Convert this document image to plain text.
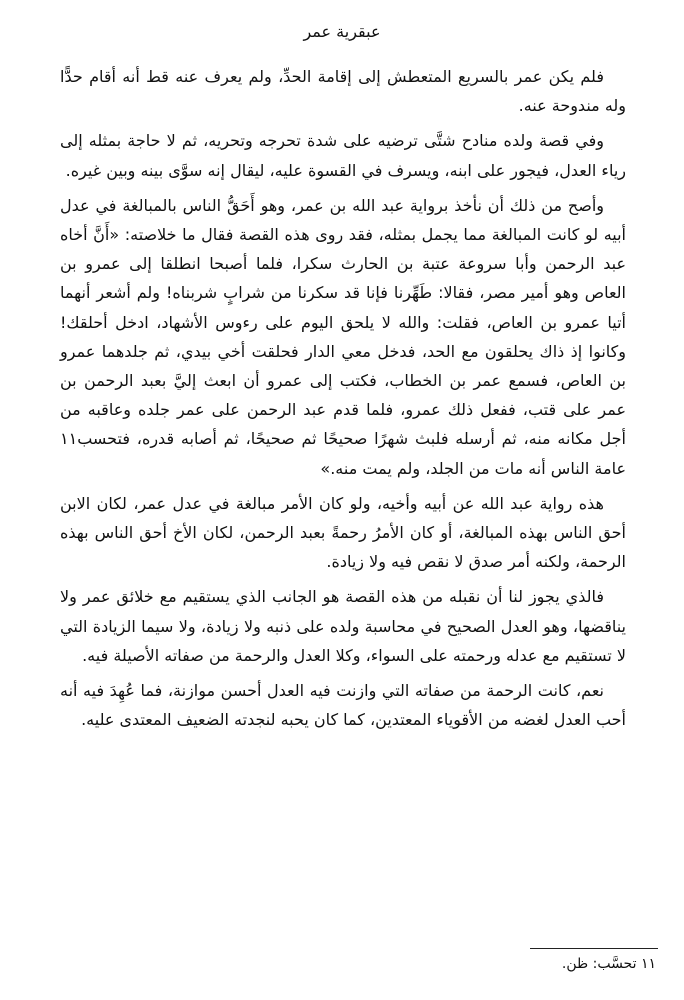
عبقرية عمر

فلم يكن عمر بالسريع المتعطش إلى إقامة الحدِّ، ولم يعرف عنه قط أنه أقام حدًّا وله مندوحة عنه.

وفي قصة ولده منادح شتَّى ترضيه على شدة تحرجه وتحريه، ثم لا حاجة بمثله إلى رياء العدل، فيجور على ابنه، ويسرف في القسوة عليه، ليقال إنه سوَّى بينه وبين غيره.

وأصح من ذلك أن نأخذ برواية عبد الله بن عمر، وهو أَحَقُّ الناس بالمبالغة في عدل أبيه لو كانت المبالغة مما يجمل بمثله، فقد روى هذه القصة فقال ما خلاصته: «أَنَّ أخاه عبد الرحمن وأبا سروعة عتبة بن الحارث سكرا، فلما أصبحا انطلقا إلى عمرو بن العاص وهو أمير مصر، فقالا: طَهِّرنا فإنا قد سكرنا من شرابٍ شربناه! ولم أشعر أنهما أتيا عمرو بن العاص، فقلت: والله لا يلحق اليوم على رءوس الأشهاد، ادخل أحلقك! وكانوا إذ ذاك يحلقون مع الحد، فدخل معي الدار فحلقت أخي بيدي، ثم جلدهما عمرو بن العاص، فسمع عمر بن الخطاب، فكتب إلى عمرو أن ابعث إليَّ بعبد الرحمن بن عمر على قتب، ففعل ذلك عمرو، فلما قدم عبد الرحمن على عمر جلده وعاقبه من أجل مكانه منه، ثم أرسله فلبث شهرًا صحيحًا ثم صحيحًا، ثم أصابه قدره، فتحسب١١ عامة الناس أنه مات من الجلد، ولم يمت منه.»

هذه رواية عبد الله عن أبيه وأخيه، ولو كان الأمر مبالغة في عدل عمر، لكان الابن أحق الناس بهذه المبالغة، أو كان الأمرُ رحمةً بعبد الرحمن، لكان الأخ أحق الناس بهذه الرحمة، ولكنه أمر صدق لا نقص فيه ولا زيادة.

فالذي يجوز لنا أن نقبله من هذه القصة هو الجانب الذي يستقيم مع خلائق عمر ولا يناقضها، وهو العدل الصحيح في محاسبة ولده على ذنبه ولا زيادة، ولا سيما الزيادة التي لا تستقيم مع عدله ورحمته على السواء، وكلا العدل والرحمة من صفاته الأصيلة فيه.

نعم، كانت الرحمة من صفاته التي وازنت فيه العدل أحسن موازنة، فما عُهِدَ فيه أنه أحب العدل لغضه من الأقوياء المعتدين، كما كان يحبه لنجدته الضعيف المعتدى عليه.

١١ تحسَّب: ظن.
